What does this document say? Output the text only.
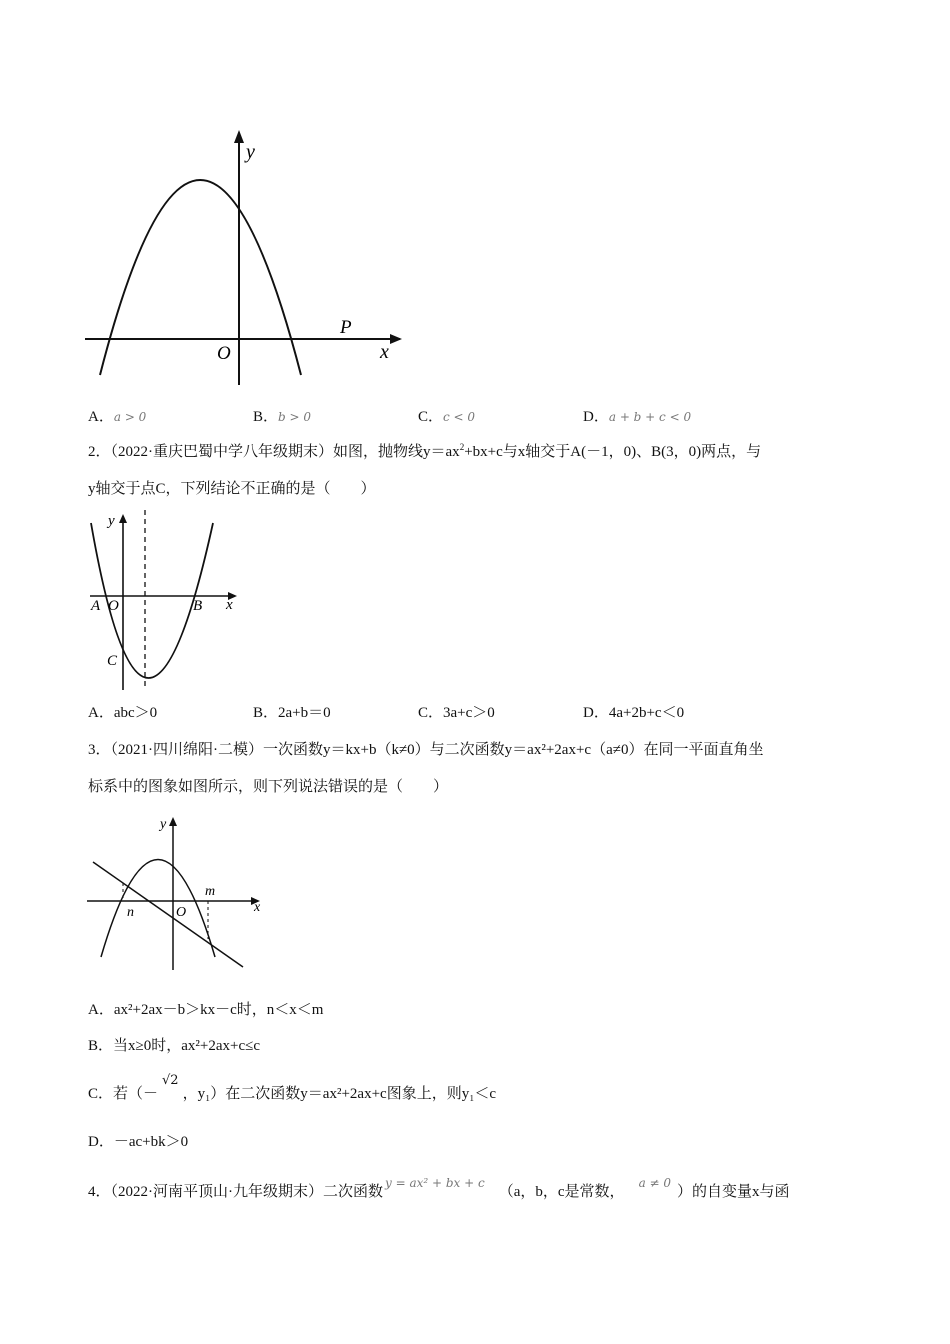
y
x
O
P
A．a > 0	B．b > 0	C．c < 0	D．a + b + c < 0
2．（2022·重庆巴蜀中学八年级期末）如图，抛物线$y=ax^2+bx+c$与x轴交于A(－1，0)、B(3，0)两点，与
y轴交于点C，下列结论不正确的是（　　）
y
x
A O	B
C
A．abc＞0	B．2a+b＝0	C．3a+c＞0	D．4a+2b+c＜0
3．（2021·四川绵阳·二模）一次函数y＝kx+b（k≠0）与二次函数y＝ax²+2ax+c（a≠0）在同一平面直角坐
标系中的图象如图所示，则下列说法错误的是（　　）
y
x
O
n
m
A．ax²+2ax－b＞kx－c时，n＜x＜m
B．当x≥0时，ax²+2ax+c≤c
C．若（－√2，y₁）在二次函数y＝ax²+2ax+c图象上，则y₁＜c
D．－ac+bk＞0
4．（2022·河南平顶山·九年级期末）二次函数$^{y = ax^2 + bx + c}$（a，b，c是常数，$^{a \ne 0}$）的自变量x与函
